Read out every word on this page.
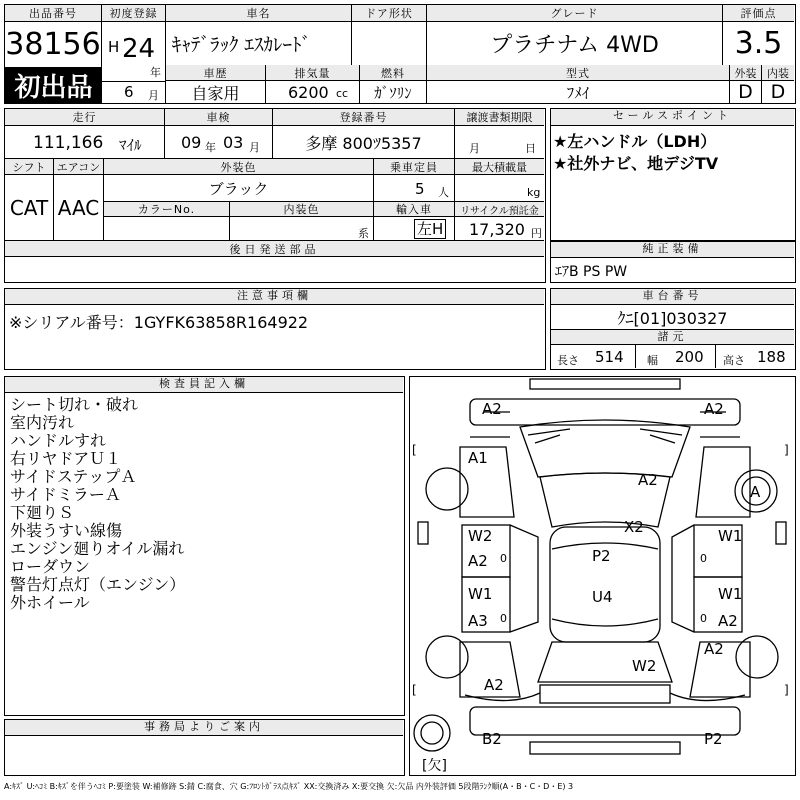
出品番号
38156
初出品
初度登録
H 24
年
6 月
車名
ｷｬﾃﾞﾗｯｸ ｴｽｶﾚｰﾄﾞ
ドア形状	グレード
プラチナム 4WD
評価点
3.5
車歴
自家用
排気量
6200 cc
燃料
ｶﾞｿﾘﾝ
型式
ﾌﾒｲ
外装
D
内装
D
走行
111,166 ﾏｲﾙ
車検
09 年 03 月
登録番号
多摩 800ﾂ5357
譲渡書類期限
月	日
シフト
CAT
エアコン
AAC
外装色
ブラック
乗車定員
5 人
最大積載量
kg
カラーNo.	内装色
系
輸入車
左H
リサイクル預託金
17,320 円
後日発送部品
セールスポイント
★左ハンドル（LDH）
★社外ナビ、地デジTV
純正装備
ｴｱB PS PW
注意事項欄
※シリアル番号：1GYFK63858R164922
車台番号
ｸﾆ[01]030327
諸元
長さ 514 幅 200 高さ 188
検査員記入欄
シート切れ・破れ
室内汚れ
ハンドルすれ
右リヤドアＵ１
サイドステップＡ
サイドミラーＡ
下廻りＳ
外装うすい線傷
エンジン廻りオイル漏れ
ローダウン
警告灯点灯（エンジン）
外ホイール
事務局よりご案内
[	]
[	]
0	0
0	0
A2	A2
A1
A2
A
X2
W2	W1
A2	P2
W1	W1
A3
U4
A2
A2
W2
A2
B2	P2
[欠]
A:ｷｽﾞ U:ﾍｺﾐ B:ｷｽﾞを伴うﾍｺﾐ P:要塗装 W:補修跡 S:錆 C:腐食、穴 G:ﾌﾛﾝﾄｶﾞﾗｽ点ｷｽﾞ XX:交換済み X:要交換 欠:欠品 内外装評価 5段階ﾗﾝｸ順(A・B・C・D・E) 3
